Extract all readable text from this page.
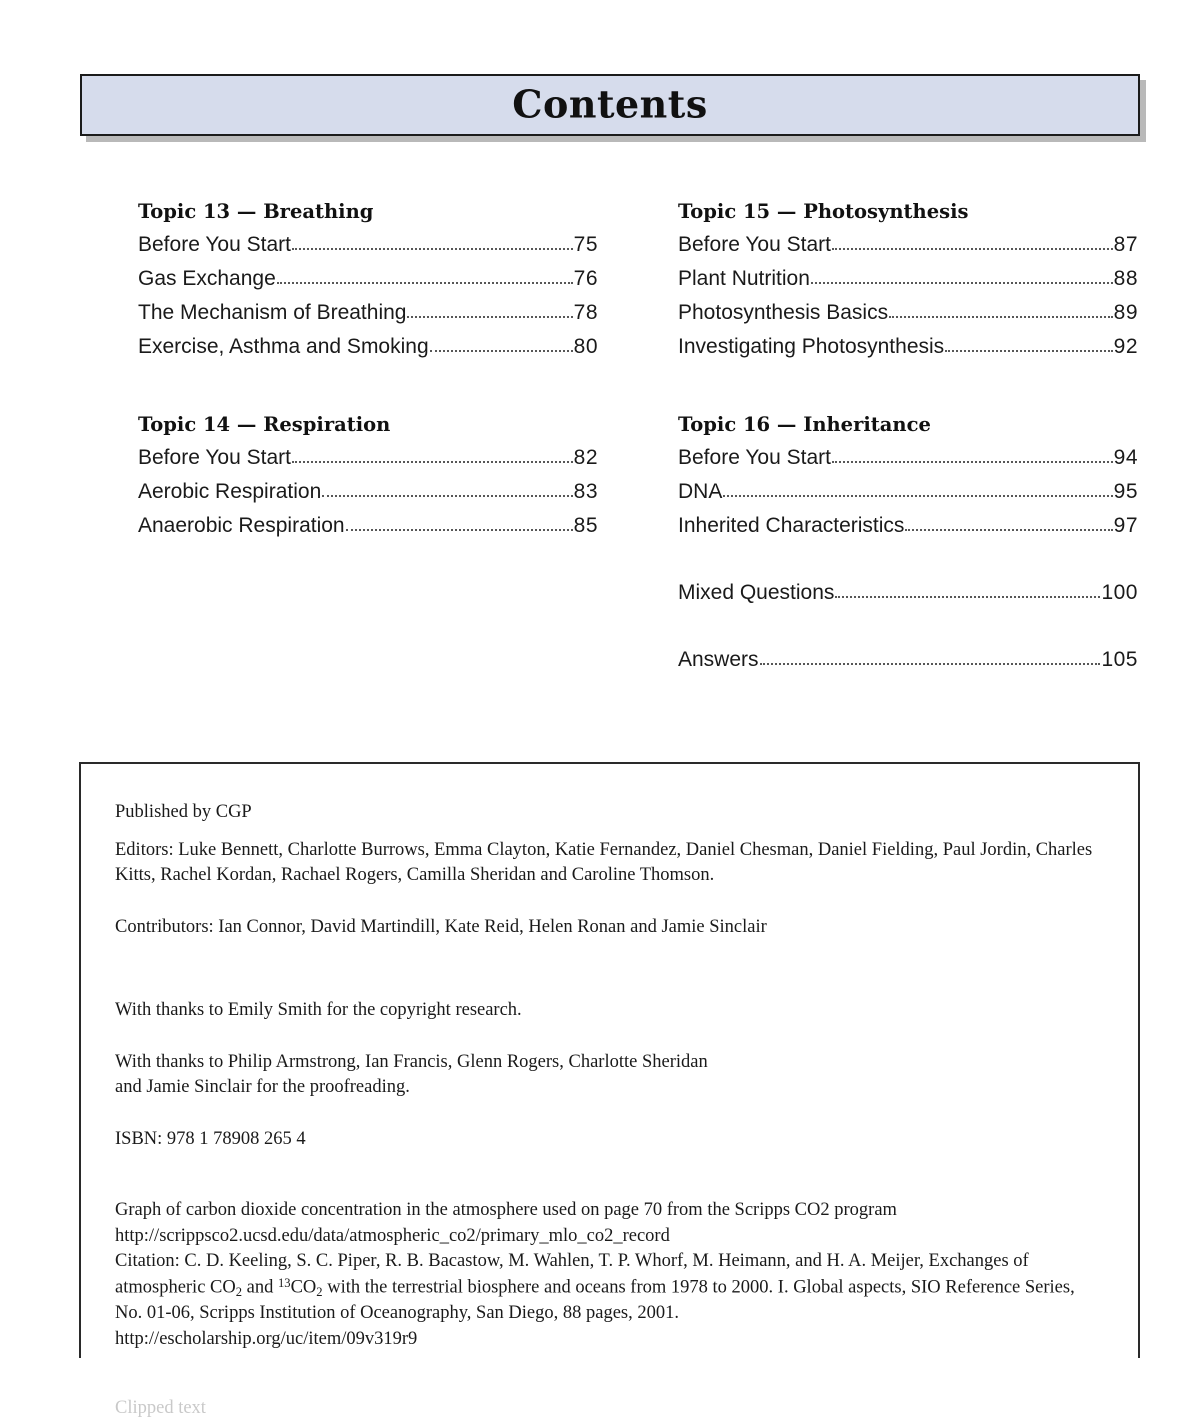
Contents
Topic 13 — Breathing
Before You Start	75
Gas Exchange	76
The Mechanism of Breathing	78
Exercise, Asthma and Smoking	80
Topic 14 — Respiration
Before You Start	82
Aerobic Respiration	83
Anaerobic Respiration	85
Topic 15 — Photosynthesis
Before You Start	87
Plant Nutrition	88
Photosynthesis Basics	89
Investigating Photosynthesis	92
Topic 16 — Inheritance
Before You Start	94
DNA	95
Inherited Characteristics	97
Mixed Questions	100
Answers	105

Published by CGP

Editors: Luke Bennett, Charlotte Burrows, Emma Clayton, Katie Fernandez, Daniel Chesman, Daniel Fielding, Paul Jordin, Charles Kitts, Rachel Kordan, Rachael Rogers, Camilla Sheridan and Caroline Thomson.

Contributors: Ian Connor, David Martindill, Kate Reid, Helen Ronan and Jamie Sinclair

With thanks to Emily Smith for the copyright research.

With thanks to Philip Armstrong, Ian Francis, Glenn Rogers, Charlotte Sheridan

and Jamie Sinclair for the proofreading.

ISBN: 978 1 78908 265 4

Graph of carbon dioxide concentration in the atmosphere used on page 70 from the Scripps CO2 program

http://scrippsco2.ucsd.edu/data/atmospheric_co2/primary_mlo_co2_record

Citation: C. D. Keeling, S. C. Piper, R. B. Bacastow, M. Wahlen, T. P. Whorf, M. Heimann, and H. A. Meijer, Exchanges of atmospheric $CO_2$ and $^{13}CO_2$ with the terrestrial biosphere and oceans from 1978 to 2000. I. Global aspects, SIO Reference Series, No. 01-06, Scripps Institution of Oceanography, San Diego, 88 pages, 2001.

http://escholarship.org/uc/item/09v319r9

Clipped text
